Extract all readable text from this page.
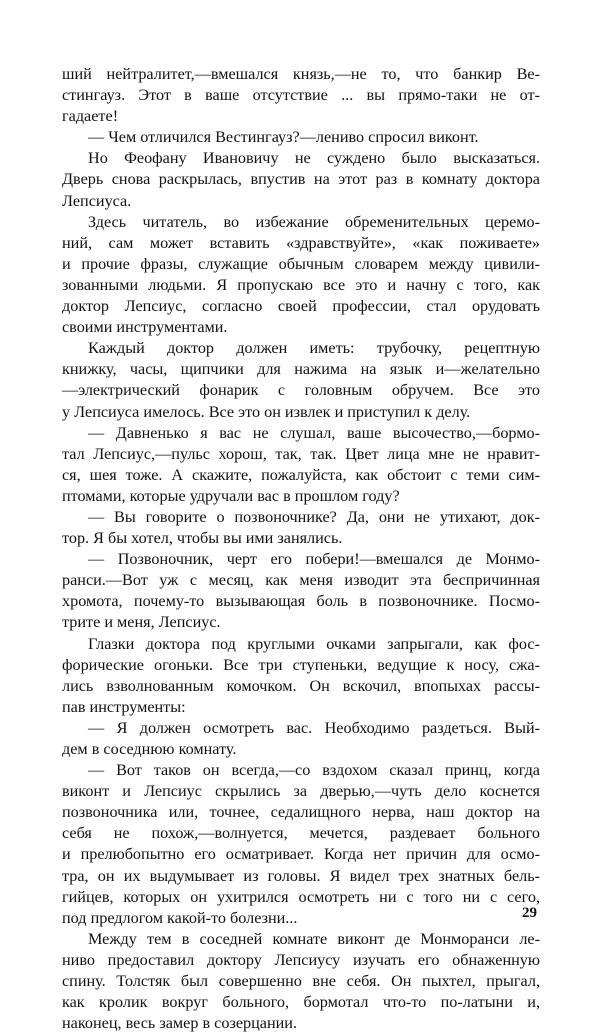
ший нейтралитет,—вмешался князь,—не то, что банкир Ве-
стингауз. Этот в ваше отсутствие ... вы прямо-таки не от-
гадаете!
— Чем отличился Вестингауз?—лениво спросил виконт.
Но Феофану Ивановичу не суждено было высказаться.
Дверь снова раскрылась, впустив на этот раз в комнату доктора
Лепсиуса.
Здесь читатель, во избежание обременительных церемо-
ний, сам может вставить «здравствуйте», «как поживаете»
и прочие фразы, служащие обычным словарем между цивили-
зованными людьми. Я пропускаю все это и начну с того, как
доктор Лепсиус, согласно своей профессии, стал орудовать
своими инструментами.
Каждый доктор должен иметь: трубочку, рецептную
книжку, часы, щипчики для нажима на язык и—желательно
—электрический фонарик с головным обручем. Все это
у Лепсиуса имелось. Все это он извлек и приступил к делу.
— Давненько я вас не слушал, ваше высочество,—бормо-
тал Лепсиус,—пульс хорош, так, так. Цвет лица мне не нравит-
ся, шея тоже. А скажите, пожалуйста, как обстоит с теми сим-
птомами, которые удручали вас в прошлом году?
— Вы говорите о позвоночнике? Да, они не утихают, док-
тор. Я бы хотел, чтобы вы ими занялись.
— Позвоночник, черт его побери!—вмешался де Монмо-
ранси.—Вот уж с месяц, как меня изводит эта беспричинная
хромота, почему-то вызывающая боль в позвоночнике. Посмо-
трите и меня, Лепсиус.
Глазки доктора под круглыми очками запрыгали, как фос-
форические огоньки. Все три ступеньки, ведущие к носу, сжа-
лись взволнованным комочком. Он вскочил, впопыхах рассы-
пав инструменты:
— Я должен осмотреть вас. Необходимо раздеться. Вый-
дем в соседнюю комнату.
— Вот таков он всегда,—со вздохом сказал принц, когда
виконт и Лепсиус скрылись за дверью,—чуть дело коснется
позвоночника или, точнее, седалищного нерва, наш доктор на
себя не похож,—волнуется, мечется, раздевает больного
и прелюбопытно его осматривает. Когда нет причин для осмо-
тра, он их выдумывает из головы. Я видел трех знатных бель-
гийцев, которых он ухитрился осмотреть ни с того ни с сего,
под предлогом какой-то болезни...
Между тем в соседней комнате виконт де Монморанси ле-
ниво предоставил доктору Лепсиусу изучать его обнаженную
спину. Толстяк был совершенно вне себя. Он пыхтел, прыгал,
как кролик вокруг больного, бормотал что-то по-латыни и,
наконец, весь замер в созерцании.
29
